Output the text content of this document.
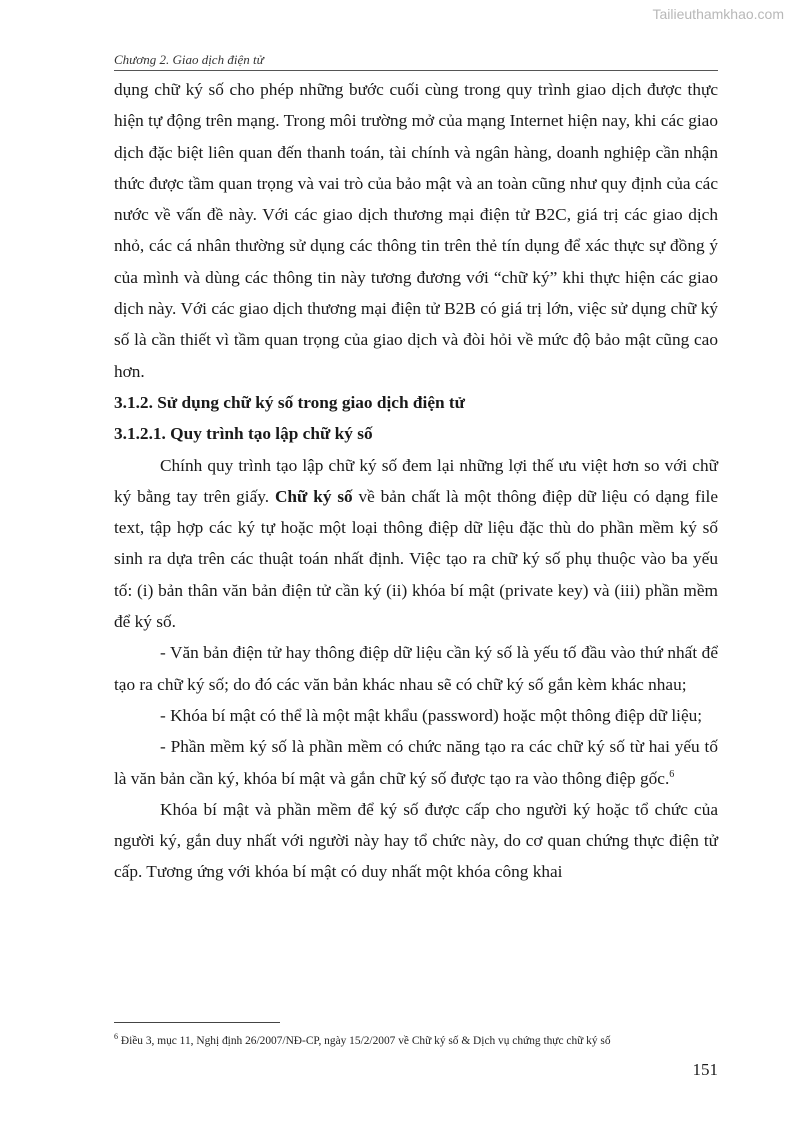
Tailieuthamkhao.com
Chương 2. Giao dịch điện tử

dụng chữ ký số cho phép những bước cuối cùng trong quy trình giao dịch được thực hiện tự động trên mạng. Trong môi trường mở của mạng Internet hiện nay, khi các giao dịch đặc biệt liên quan đến thanh toán, tài chính và ngân hàng, doanh nghiệp cần nhận thức được tầm quan trọng và vai trò của bảo mật và an toàn cũng như quy định của các nước về vấn đề này. Với các giao dịch thương mại điện tử B2C, giá trị các giao dịch nhỏ, các cá nhân thường sử dụng các thông tin trên thẻ tín dụng để xác thực sự đồng ý của mình và dùng các thông tin này tương đương với “chữ ký” khi thực hiện các giao dịch này. Với các giao dịch thương mại điện tử B2B có giá trị lớn, việc sử dụng chữ ký số là cần thiết vì tầm quan trọng của giao dịch và đòi hỏi về mức độ bảo mật cũng cao hơn.

3.1.2. Sử dụng chữ ký số trong giao dịch điện tử

3.1.2.1. Quy trình tạo lập chữ ký số

Chính quy trình tạo lập chữ ký số đem lại những lợi thế ưu việt hơn so với chữ ký bằng tay trên giấy. Chữ ký số về bản chất là một thông điệp dữ liệu có dạng file text, tập hợp các ký tự hoặc một loại thông điệp dữ liệu đặc thù do phần mềm ký số sinh ra dựa trên các thuật toán nhất định. Việc tạo ra chữ ký số phụ thuộc vào ba yếu tố: (i) bản thân văn bản điện tử cần ký (ii) khóa bí mật (private key) và (iii) phần mềm để ký số.

- Văn bản điện tử hay thông điệp dữ liệu cần ký số là yếu tố đầu vào thứ nhất để tạo ra chữ ký số; do đó các văn bản khác nhau sẽ có chữ ký số gắn kèm khác nhau;

- Khóa bí mật có thể là một mật khẩu (password) hoặc một thông điệp dữ liệu;

- Phần mềm ký số là phần mềm có chức năng tạo ra các chữ ký số từ hai yếu tố là văn bản cần ký, khóa bí mật và gắn chữ ký số được tạo ra vào thông điệp gốc.$^6$

Khóa bí mật và phần mềm để ký số được cấp cho người ký hoặc tổ chức của người ký, gắn duy nhất với người này hay tổ chức này, do cơ quan chứng thực điện tử cấp. Tương ứng với khóa bí mật có duy nhất một khóa công khai

$^6$ Điều 3, mục 11, Nghị định 26/2007/NĐ-CP, ngày 15/2/2007 về Chữ ký số & Dịch vụ chứng thực chữ ký số
151
